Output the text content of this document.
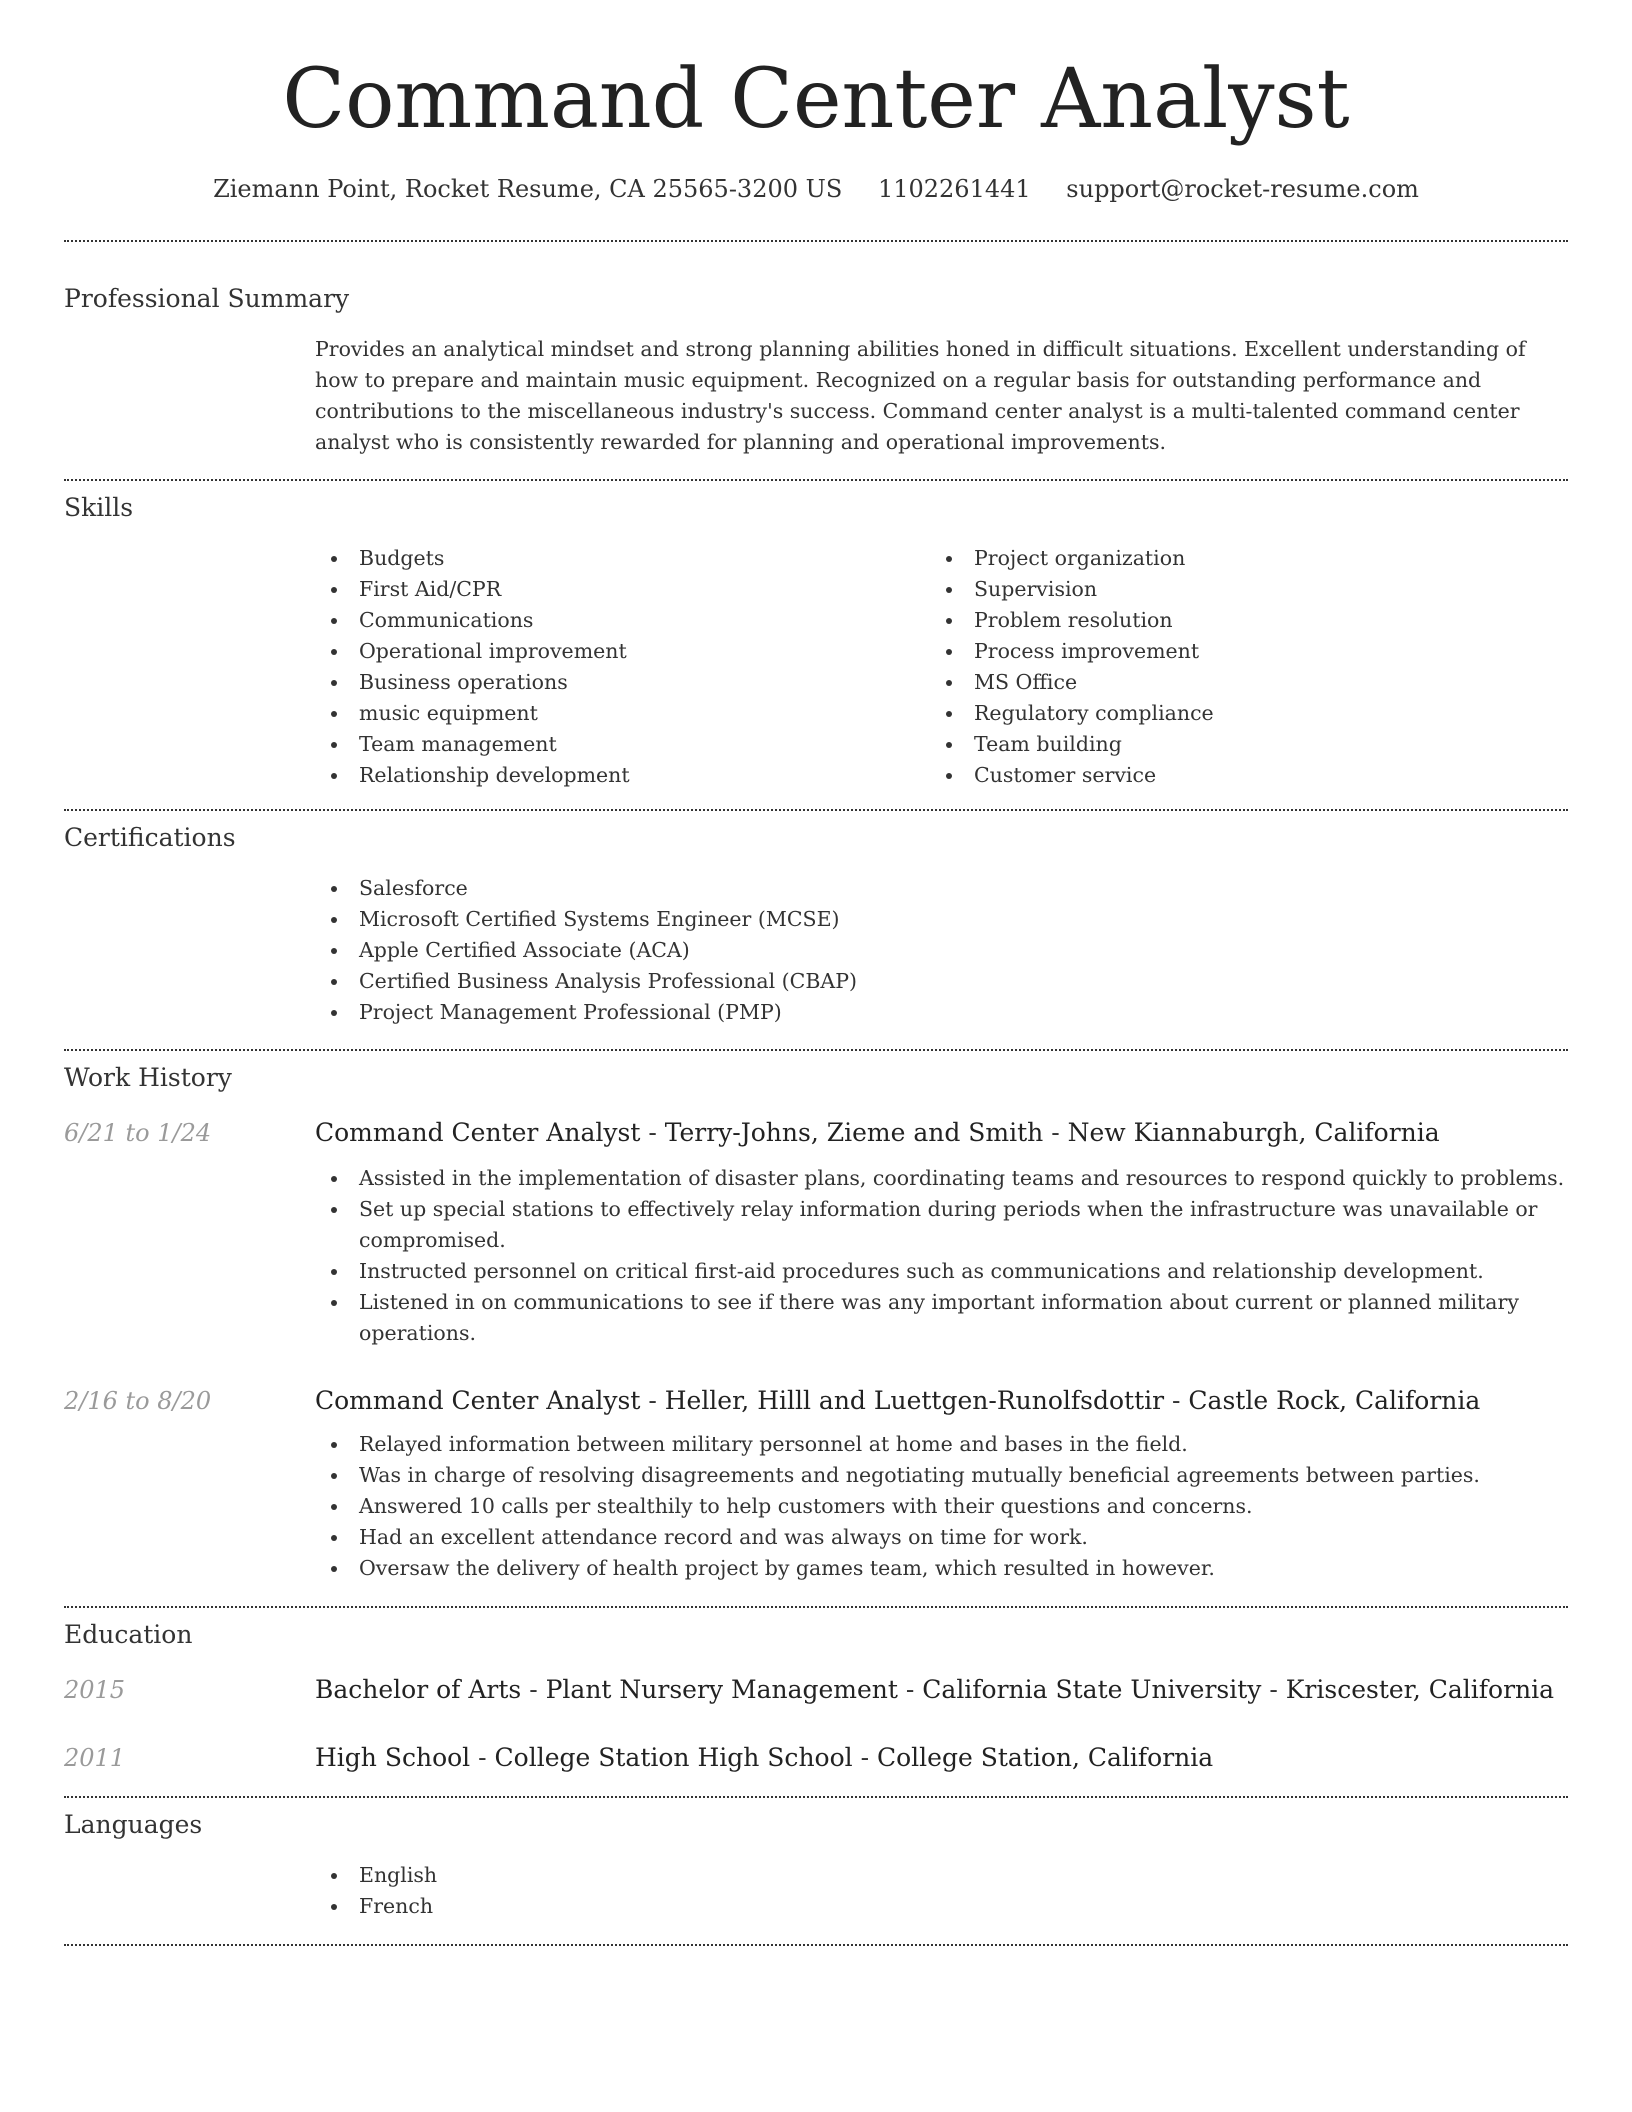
Command Center Analyst
Ziemann Point, Rocket Resume, CA 25565-3200 US 1102261441 support@rocket-resume.com
Professional Summary

Provides an analytical mindset and strong planning abilities honed in difficult situations. Excellent understanding of how to prepare and maintain music equipment. Recognized on a regular basis for outstanding performance and contributions to the miscellaneous industry's success. Command center analyst is a multi-talented command center analyst who is consistently rewarded for planning and operational improvements.

Skills
Budgets
First Aid/CPR
Communications
Operational improvement
Business operations
music equipment
Team management
Relationship development
Project organization
Supervision
Problem resolution
Process improvement
MS Office
Regulatory compliance
Team building
Customer service
Certifications
Salesforce
Microsoft Certified Systems Engineer (MCSE)
Apple Certified Associate (ACA)
Certified Business Analysis Professional (CBAP)
Project Management Professional (PMP)
Work History
6/21 to 1/24	Command Center Analyst - Terry-Johns, Zieme and Smith - New Kiannaburgh, California
Assisted in the implementation of disaster plans, coordinating teams and resources to respond quickly to problems.
Set up special stations to effectively relay information during periods when the infrastructure was unavailable or compromised.
Instructed personnel on critical first-aid procedures such as communications and relationship development.
Listened in on communications to see if there was any important information about current or planned military operations.
2/16 to 8/20	Command Center Analyst - Heller, Hilll and Luettgen-Runolfsdottir - Castle Rock, California
Relayed information between military personnel at home and bases in the field.
Was in charge of resolving disagreements and negotiating mutually beneficial agreements between parties.
Answered 10 calls per stealthily to help customers with their questions and concerns.
Had an excellent attendance record and was always on time for work.
Oversaw the delivery of health project by games team, which resulted in however.
Education
2015	Bachelor of Arts - Plant Nursery Management - California State University - Kriscester, California
2011	High School - College Station High School - College Station, California
Languages
English
French
